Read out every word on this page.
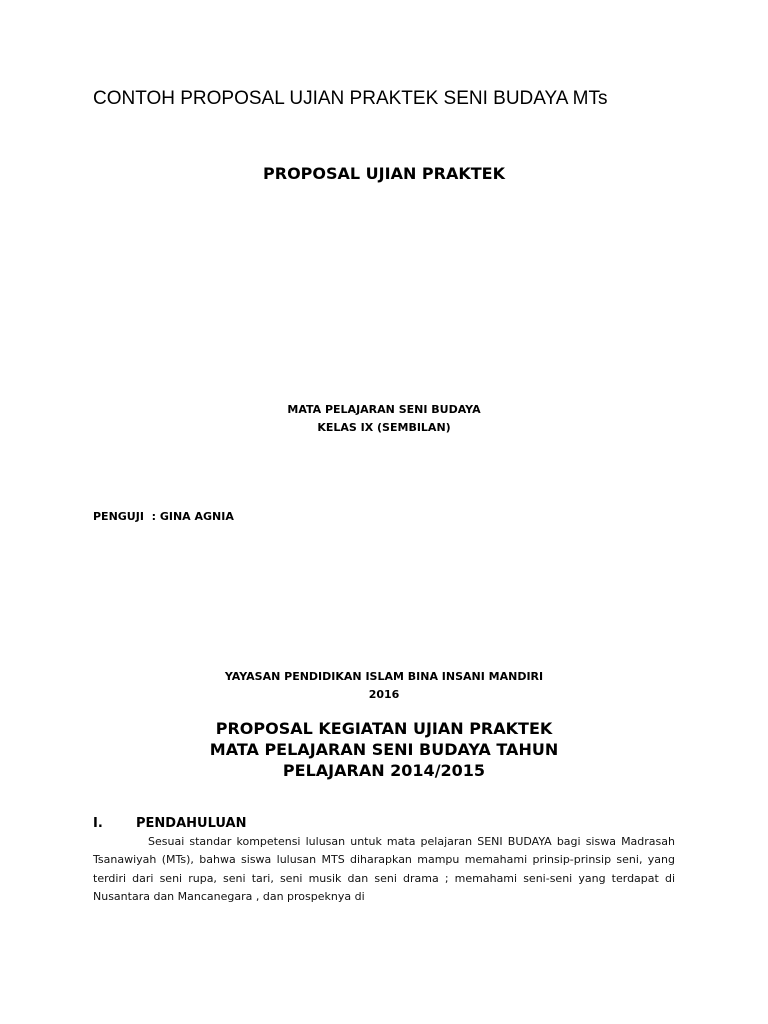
CONTOH PROPOSAL UJIAN PRAKTEK SENI BUDAYA MTs
PROPOSAL UJIAN PRAKTEK

MATA PELAJARAN SENI BUDAYA

KELAS IX (SEMBILAN)

PENGUJI  : GINA AGNIA

YAYASAN PENDIDIKAN ISLAM BINA INSANI MANDIRI

2016

PROPOSAL KEGIATAN UJIAN PRAKTEK
MATA PELAJARAN SENI BUDAYA TAHUN
PELAJARAN 2014/2015
I.	PENDAHULUAN

Sesuai standar kompetensi lulusan untuk mata pelajaran SENI BUDAYA bagi siswa Madrasah Tsanawiyah (MTs), bahwa siswa lulusan MTS diharapkan mampu memahami prinsip-prinsip seni, yang terdiri dari seni rupa, seni tari, seni musik dan seni drama ; memahami seni-seni yang terdapat di Nusantara dan Mancanegara , dan prospeknya di
